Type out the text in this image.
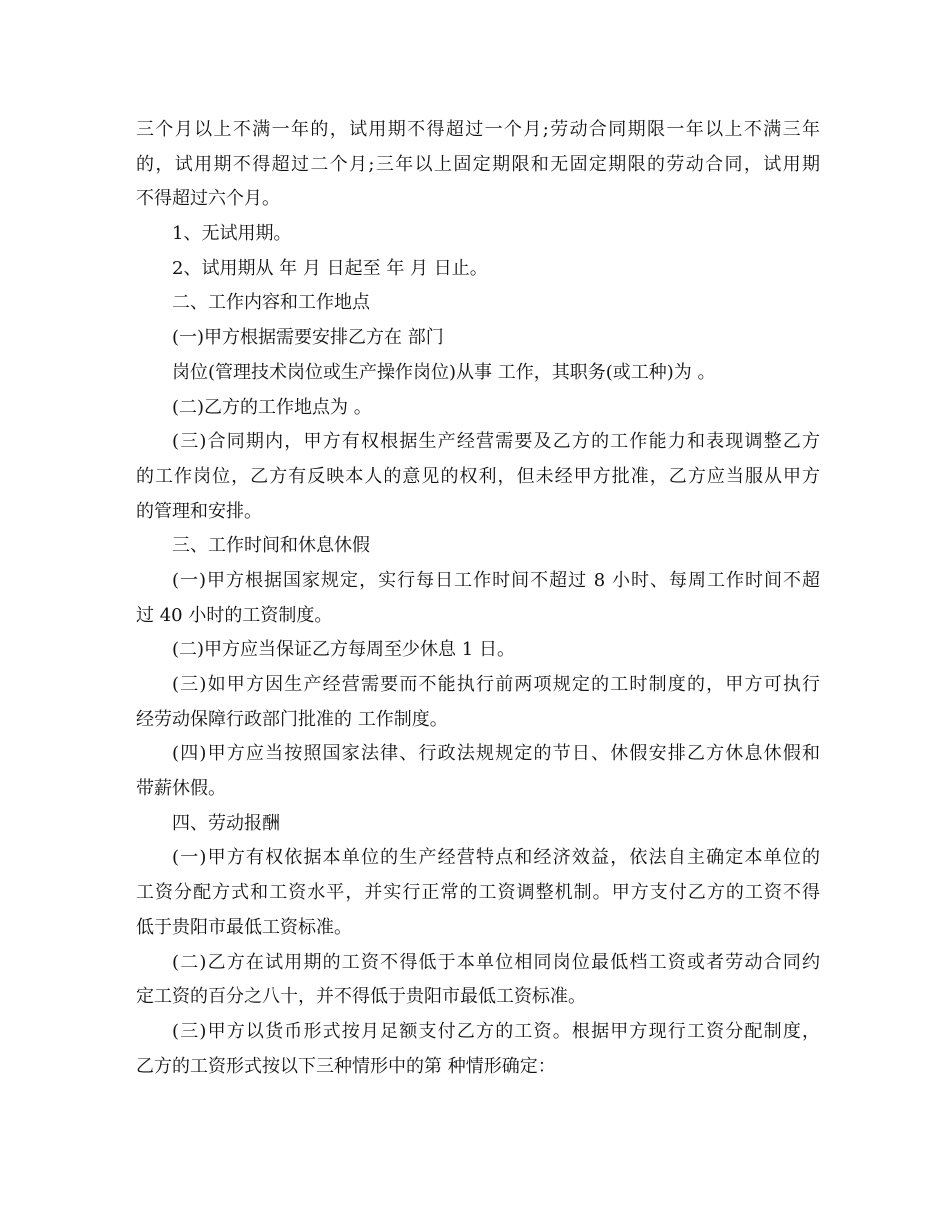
三个月以上不满一年的，试用期不得超过一个月;劳动合同期限一年以上不满三年
的，试用期不得超过二个月;三年以上固定期限和无固定期限的劳动合同，试用期
不得超过六个月。
1、无试用期。
2、试用期从 年 月 日起至 年 月 日止。
二、工作内容和工作地点
(一)甲方根据需要安排乙方在 部门
岗位(管理技术岗位或生产操作岗位)从事 工作，其职务(或工种)为 。
(二)乙方的工作地点为 。
(三)合同期内，甲方有权根据生产经营需要及乙方的工作能力和表现调整乙方
的工作岗位，乙方有反映本人的意见的权利，但未经甲方批准，乙方应当服从甲方
的管理和安排。
三、工作时间和休息休假
(一)甲方根据国家规定，实行每日工作时间不超过 8 小时、每周工作时间不超
过 40 小时的工资制度。
(二)甲方应当保证乙方每周至少休息 1 日。
(三)如甲方因生产经营需要而不能执行前两项规定的工时制度的，甲方可执行
经劳动保障行政部门批准的 工作制度。
(四)甲方应当按照国家法律、行政法规规定的节日、休假安排乙方休息休假和
带薪休假。
四、劳动报酬
(一)甲方有权依据本单位的生产经营特点和经济效益，依法自主确定本单位的
工资分配方式和工资水平，并实行正常的工资调整机制。甲方支付乙方的工资不得
低于贵阳市最低工资标准。
(二)乙方在试用期的工资不得低于本单位相同岗位最低档工资或者劳动合同约
定工资的百分之八十，并不得低于贵阳市最低工资标准。
(三)甲方以货币形式按月足额支付乙方的工资。根据甲方现行工资分配制度，
乙方的工资形式按以下三种情形中的第 种情形确定：
